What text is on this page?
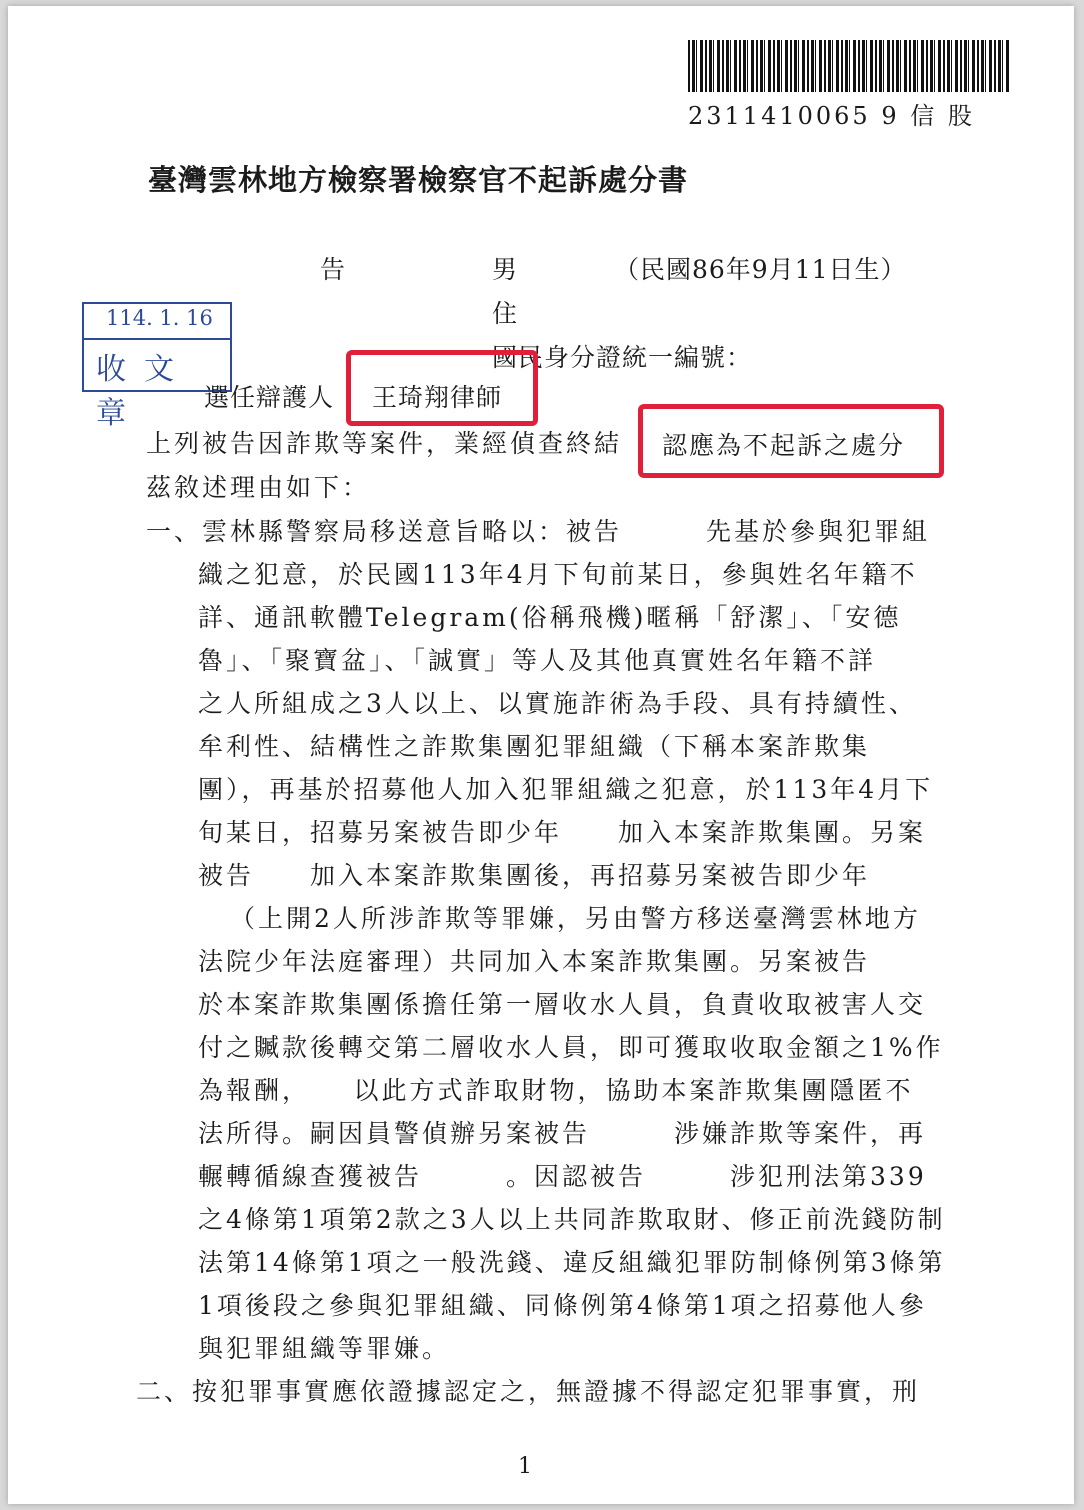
2311410065 9 信 股
臺灣雲林地方檢察署檢察官不起訴處分書
告	男	（民國86年9月11日生）
住
國民身分證統一編號：
114. 1. 16
收文章	選任辯護人 王琦翔律師
上列被告因詐欺等案件，業經偵查終結 認應為不起訴之處分
茲敘述理由如下：
一、雲林縣警察局移送意旨略以：被告　　　先基於參與犯罪組
織之犯意，於民國113年4月下旬前某日，參與姓名年籍不
詳、通訊軟體Telegram(俗稱飛機)暱稱「舒潔」、「安德
魯」、「聚寶盆」、「誠實」等人及其他真實姓名年籍不詳
之人所組成之3人以上、以實施詐術為手段、具有持續性、
牟利性、結構性之詐欺集團犯罪組織（下稱本案詐欺集
團），再基於招募他人加入犯罪組織之犯意，於113年4月下
旬某日，招募另案被告即少年　　加入本案詐欺集團。另案
被告　　加入本案詐欺集團後，再招募另案被告即少年
（上開2人所涉詐欺等罪嫌，另由警方移送臺灣雲林地方
法院少年法庭審理）共同加入本案詐欺集團。另案被告
於本案詐欺集團係擔任第一層收水人員，負責收取被害人交
付之贓款後轉交第二層收水人員，即可獲取收取金額之1%作
為報酬，　　以此方式詐取財物，協助本案詐欺集團隱匿不
法所得。嗣因員警偵辦另案被告　　　涉嫌詐欺等案件，再
輾轉循線查獲被告　　　。因認被告　　　涉犯刑法第339
之4條第1項第2款之3人以上共同詐欺取財、修正前洗錢防制
法第14條第1項之一般洗錢、違反組織犯罪防制條例第3條第
1項後段之參與犯罪組織、同條例第4條第1項之招募他人參
與犯罪組織等罪嫌。
二、按犯罪事實應依證據認定之，無證據不得認定犯罪事實，刑
1
